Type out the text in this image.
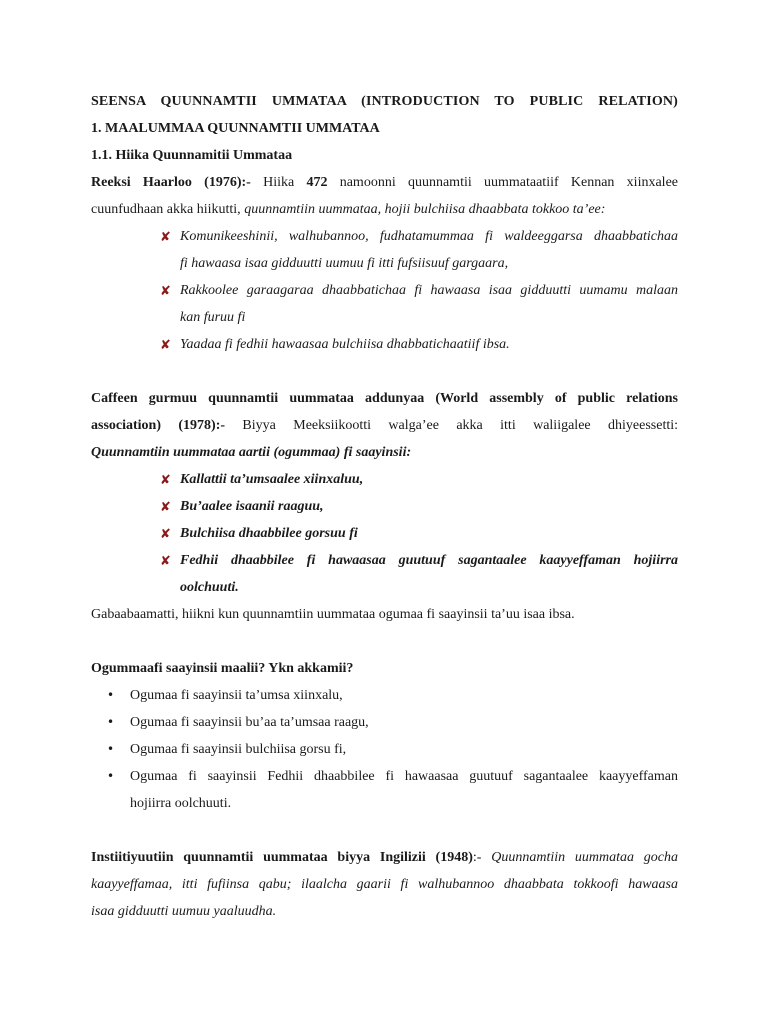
SEENSA QUUNNAMTII UMMATAA (INTRODUCTION TO PUBLIC RELATION)
1. MAALUMMAA QUUNNAMTII UMMATAA
1.1. Hiika Quunnamitii Ummataa
Reeksi Haarloo (1976):- Hiika 472 namoonni quunnamtii uummataatiif Kennan xiinxalee
cuunfudhaan akka hiikutti, quunnamtiin uummataa, hojii bulchiisa dhaabbata tokkoo ta’ee:
✘ Komunikeeshinii, walhubannoo, fudhatamummaa fi waldeeggarsa dhaabbatichaa
fi hawaasa isaa gidduutti uumuu fi itti fufsiisuuf gargaara,
✘ Rakkoolee garaagaraa dhaabbatichaa fi hawaasa isaa gidduutti uumamu malaan
kan furuu fi
✘ Yaadaa fi fedhii hawaasaa bulchiisa dhabbatichaatiif ibsa.
Caffeen gurmuu quunnamtii uummataa addunyaa (World assembly of public relations
association) (1978):- Biyya Meeksiikootti walga’ee akka itti waliigalee dhiyeessetti:
Quunnamtiin uummataa aartii (ogummaa) fi saayinsii:
✘ Kallattii ta’umsaalee xiinxaluu,
✘ Bu’aalee isaanii raaguu,
✘ Bulchiisa dhaabbilee gorsuu fi
✘ Fedhii dhaabbilee fi hawaasaa guutuuf sagantaalee kaayyeffaman hojiirra
oolchuuti.
Gabaabaamatti, hiikni kun quunnamtiin uummataa ogumaa fi saayinsii ta’uu isaa ibsa.
Ogummaafi saayinsii maalii? Ykn akkamii?
• Ogumaa fi saayinsii ta’umsa xiinxalu,
• Ogumaa fi saayinsii bu’aa ta’umsaa raagu,
• Ogumaa fi saayinsii bulchiisa gorsu fi,
• Ogumaa fi saayinsii Fedhii dhaabbilee fi hawaasaa guutuuf sagantaalee kaayyeffaman
hojiirra oolchuuti.
Instiitiyuutiin quunnamtii uummataa biyya Ingilizii (1948):- Quunnamtiin uummataa gocha
kaayyeffamaa, itti fufiinsa qabu; ilaalcha gaarii fi walhubannoo dhaabbata tokkoofi hawaasa
isaa gidduutti uumuu yaaluudha.
